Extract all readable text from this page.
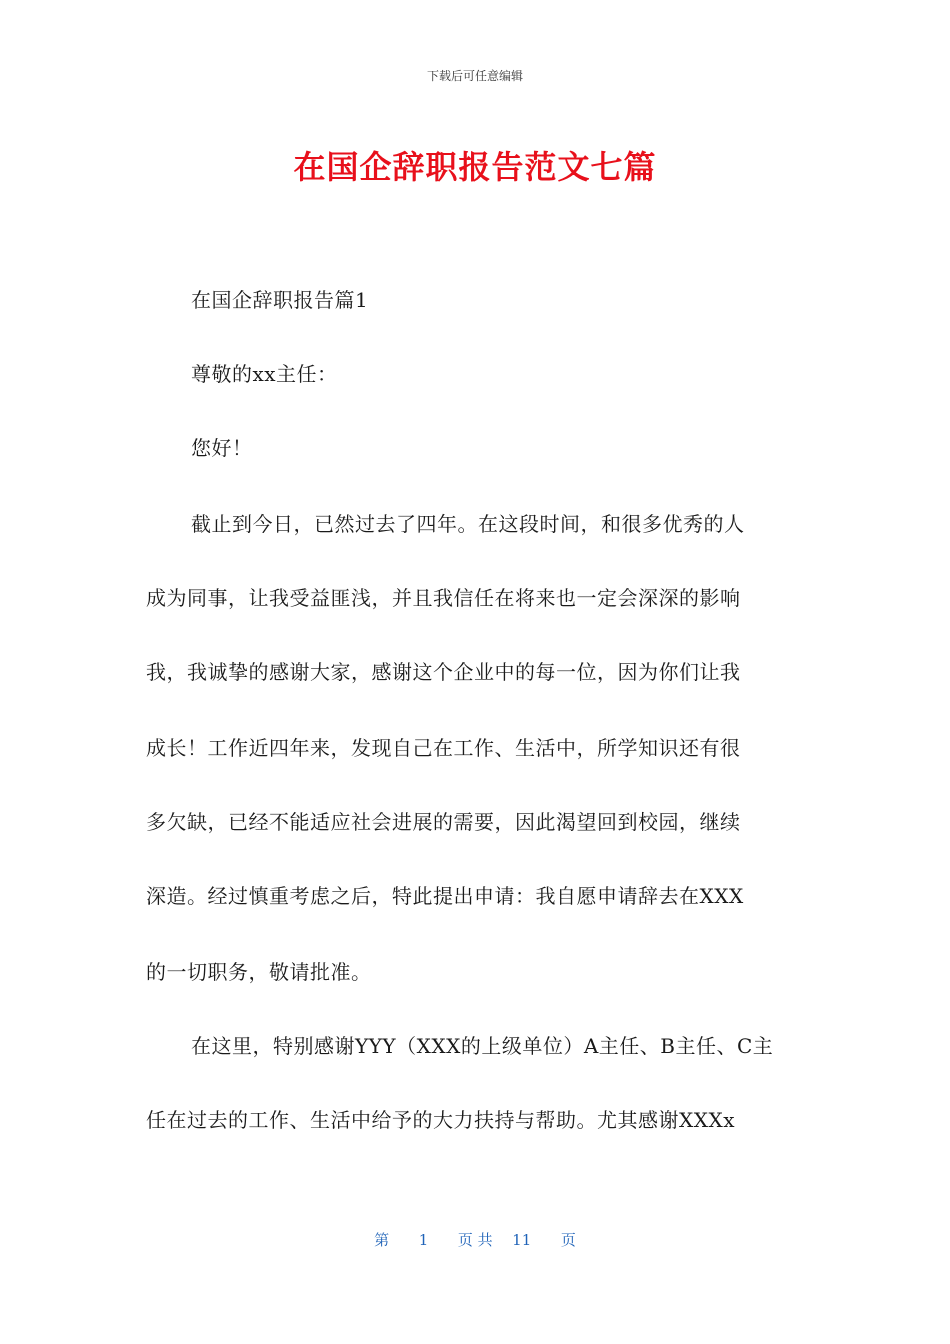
下载后可任意编辑
在国企辞职报告范文七篇
在国企辞职报告篇1
尊敬的xx主任：
您好！
截止到今日，已然过去了四年。在这段时间，和很多优秀的人
成为同事，让我受益匪浅，并且我信任在将来也一定会深深的影响
我，我诚挚的感谢大家，感谢这个企业中的每一位，因为你们让我
成长！工作近四年来，发现自己在工作、生活中，所学知识还有很
多欠缺，已经不能适应社会进展的需要，因此渴望回到校园，继续
深造。经过慎重考虑之后，特此提出申请：我自愿申请辞去在XXX
的一切职务，敬请批准。
在这里，特别感谢YYY（XXX的上级单位）A主任、B主任、C主
任在过去的工作、生活中给予的大力扶持与帮助。尤其感谢XXXx
第 1 页 共 11 页
